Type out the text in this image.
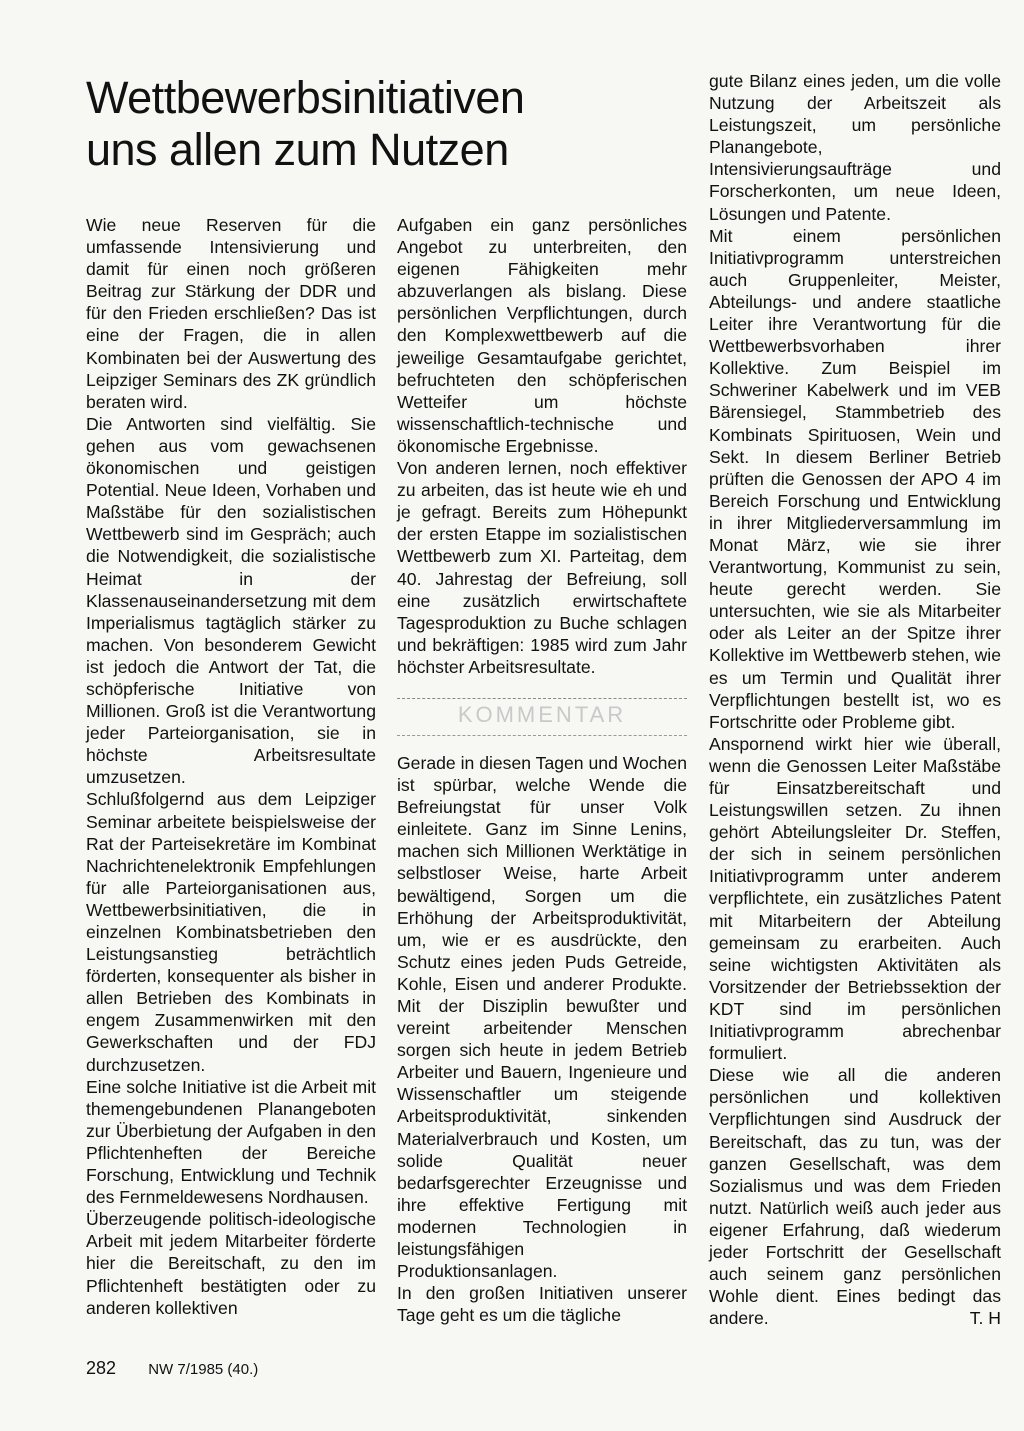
Wettbewerbsinitiativen
uns allen zum Nutzen

Wie neue Reserven für die umfassende Intensivierung und damit für einen noch größeren Beitrag zur Stärkung der DDR und für den Frieden erschließen? Das ist eine der Fragen, die in allen Kombinaten bei der Auswertung des Leipziger Seminars des ZK gründlich beraten wird.

Die Antworten sind vielfältig. Sie gehen aus vom gewachsenen ökonomischen und geistigen Potential. Neue Ideen, Vorhaben und Maßstäbe für den sozialistischen Wettbewerb sind im Gespräch; auch die Notwendigkeit, die sozialistische Heimat in der Klassenauseinandersetzung mit dem Imperialismus tagtäglich stärker zu machen. Von besonderem Gewicht ist jedoch die Antwort der Tat, die schöpferische Initiative von Millionen. Groß ist die Verantwortung jeder Parteiorganisation, sie in höchste Arbeitsresultate umzusetzen.

Schlußfolgernd aus dem Leipziger Seminar arbeitete beispielsweise der Rat der Parteisekretäre im Kombinat Nachrichtenelektronik Empfehlungen für alle Parteiorganisationen aus, Wettbewerbsinitiativen, die in einzelnen Kombinatsbetrieben den Leistungsanstieg beträchtlich förderten, konsequenter als bisher in allen Betrieben des Kombinats in engem Zusammenwirken mit den Gewerkschaften und der FDJ durchzusetzen.

Eine solche Initiative ist die Arbeit mit themengebundenen Planangeboten zur Überbietung der Aufgaben in den Pflichtenheften der Bereiche Forschung, Entwicklung und Technik des Fernmeldewesens Nordhausen.

Überzeugende politisch-ideologische Arbeit mit jedem Mitarbeiter förderte hier die Bereitschaft, zu den im Pflichtenheft bestätigten oder zu anderen kollektiven

Aufgaben ein ganz persönliches Angebot zu unterbreiten, den eigenen Fähigkeiten mehr abzuverlangen als bislang. Diese persönlichen Verpflichtungen, durch den Komplexwettbewerb auf die jeweilige Gesamtaufgabe gerichtet, befruchteten den schöpferischen Wetteifer um höchste wissenschaftlich-technische und ökonomische Ergebnisse.

Von anderen lernen, noch effektiver zu arbeiten, das ist heute wie eh und je gefragt. Bereits zum Höhepunkt der ersten Etappe im sozialistischen Wettbewerb zum XI. Parteitag, dem 40. Jahrestag der Befreiung, soll eine zusätzlich erwirtschaftete Tagesproduktion zu Buche schlagen und bekräftigen: 1985 wird zum Jahr höchster Arbeitsresultate.

KOMMENTAR

Gerade in diesen Tagen und Wochen ist spürbar, welche Wende die Befreiungstat für unser Volk einleitete. Ganz im Sinne Lenins, machen sich Millionen Werktätige in selbstloser Weise, harte Arbeit bewältigend, Sorgen um die Erhöhung der Arbeitsproduktivität, um, wie er es ausdrückte, den Schutz eines jeden Puds Getreide, Kohle, Eisen und anderer Produkte. Mit der Disziplin bewußter und vereint arbeitender Menschen sorgen sich heute in jedem Betrieb Arbeiter und Bauern, Ingenieure und Wissenschaftler um steigende Arbeitsproduktivität, sinkenden Materialverbrauch und Kosten, um solide Qualität neuer bedarfsgerechter Erzeugnisse und ihre effektive Fertigung mit modernen Technologien in leistungsfähigen Produktionsanlagen.

In den großen Initiativen unserer Tage geht es um die tägliche

gute Bilanz eines jeden, um die volle Nutzung der Arbeitszeit als Leistungszeit, um persönliche Planangebote, Intensivierungsaufträge und Forscherkonten, um neue Ideen, Lösungen und Patente.

Mit einem persönlichen Initiativprogramm unterstreichen auch Gruppenleiter, Meister, Abteilungs- und andere staatliche Leiter ihre Verantwortung für die Wettbewerbsvorhaben ihrer Kollektive. Zum Beispiel im Schweriner Kabelwerk und im VEB Bärensiegel, Stammbetrieb des Kombinats Spirituosen, Wein und Sekt. In diesem Berliner Betrieb prüften die Genossen der APO 4 im Bereich Forschung und Entwicklung in ihrer Mitgliederversammlung im Monat März, wie sie ihrer Verantwortung, Kommunist zu sein, heute gerecht werden. Sie untersuchten, wie sie als Mitarbeiter oder als Leiter an der Spitze ihrer Kollektive im Wettbewerb stehen, wie es um Termin und Qualität ihrer Verpflichtungen bestellt ist, wo es Fortschritte oder Probleme gibt.

Anspornend wirkt hier wie überall, wenn die Genossen Leiter Maßstäbe für Einsatzbereitschaft und Leistungswillen setzen. Zu ihnen gehört Abteilungsleiter Dr. Steffen, der sich in seinem persönlichen Initiativprogramm unter anderem verpflichtete, ein zusätzliches Patent mit Mitarbeitern der Abteilung gemeinsam zu erarbeiten. Auch seine wichtigsten Aktivitäten als Vorsitzender der Betriebssektion der KDT sind im persönlichen Initiativprogramm abrechenbar formuliert.

Diese wie all die anderen persönlichen und kollektiven Verpflichtungen sind Ausdruck der Bereitschaft, das zu tun, was der ganzen Gesellschaft, was dem Sozialismus und was dem Frieden nutzt. Natürlich weiß auch jeder aus eigener Erfahrung, daß wiederum jeder Fortschritt der Gesellschaft auch seinem ganz persönlichen Wohle dient. Eines bedingt das andere.	T. H

282 NW 7/1985 (40.)
